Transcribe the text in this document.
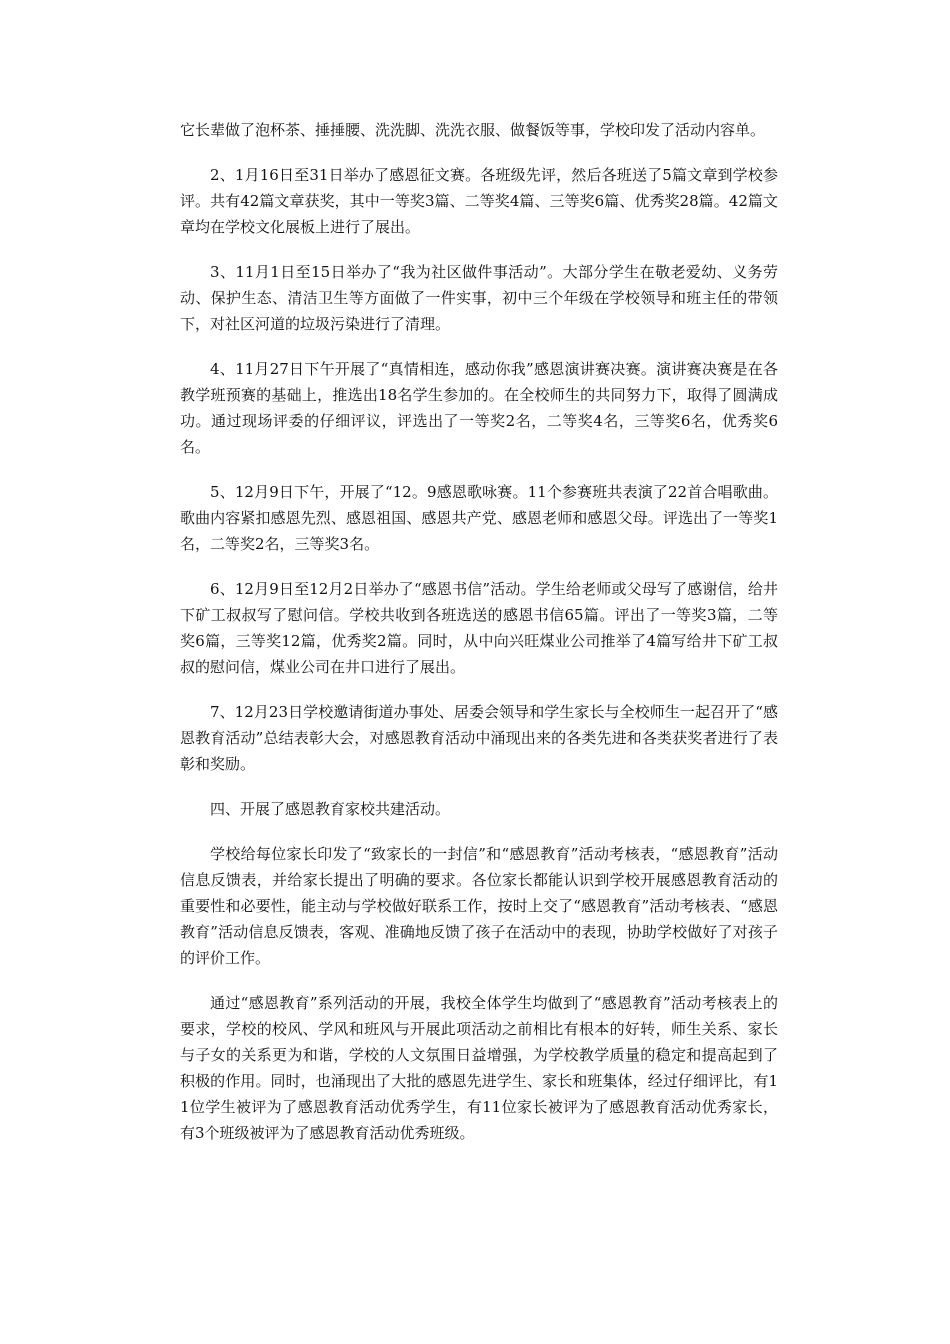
它长辈做了泡杯茶、捶捶腰、洗洗脚、洗洗衣服、做餐饭等事，学校印发了活动内容单。

2、1月16日至31日举办了感恩征文赛。各班级先评，然后各班送了5篇文章到学校参评。共有42篇文章获奖，其中一等奖3篇、二等奖4篇、三等奖6篇、优秀奖28篇。42篇文章均在学校文化展板上进行了展出。

3、11月1日至15日举办了“我为社区做件事活动”。大部分学生在敬老爱幼、义务劳动、保护生态、清洁卫生等方面做了一件实事，初中三个年级在学校领导和班主任的带领下，对社区河道的垃圾污染进行了清理。

4、11月27日下午开展了“真情相连，感动你我”感恩演讲赛决赛。演讲赛决赛是在各教学班预赛的基础上，推选出18名学生参加的。在全校师生的共同努力下，取得了圆满成功。通过现场评委的仔细评议，评选出了一等奖2名，二等奖4名，三等奖6名，优秀奖6名。

5、12月9日下午，开展了“12。9感恩歌咏赛。11个参赛班共表演了22首合唱歌曲。歌曲内容紧扣感恩先烈、感恩祖国、感恩共产党、感恩老师和感恩父母。评选出了一等奖1名，二等奖2名，三等奖3名。

6、12月9日至12月2日举办了“感恩书信”活动。学生给老师或父母写了感谢信，给井下矿工叔叔写了慰问信。学校共收到各班选送的感恩书信65篇。评出了一等奖3篇，二等奖6篇，三等奖12篇，优秀奖2篇。同时，从中向兴旺煤业公司推举了4篇写给井下矿工叔叔的慰问信，煤业公司在井口进行了展出。

7、12月23日学校邀请街道办事处、居委会领导和学生家长与全校师生一起召开了“感恩教育活动”总结表彰大会，对感恩教育活动中涌现出来的各类先进和各类获奖者进行了表彰和奖励。

四、开展了感恩教育家校共建活动。

学校给每位家长印发了“致家长的一封信”和“感恩教育”活动考核表，“感恩教育”活动信息反馈表，并给家长提出了明确的要求。各位家长都能认识到学校开展感恩教育活动的重要性和必要性，能主动与学校做好联系工作，按时上交了“感恩教育”活动考核表、“感恩教育”活动信息反馈表，客观、准确地反馈了孩子在活动中的表现，协助学校做好了对孩子的评价工作。

通过“感恩教育”系列活动的开展，我校全体学生均做到了“感恩教育”活动考核表上的要求，学校的校风、学风和班风与开展此项活动之前相比有根本的好转，师生关系、家长与子女的关系更为和谐，学校的人文氛围日益增强，为学校教学质量的稳定和提高起到了积极的作用。同时，也涌现出了大批的感恩先进学生、家长和班集体，经过仔细评比，有11位学生被评为了感恩教育活动优秀学生，有11位家长被评为了感恩教育活动优秀家长，有3个班级被评为了感恩教育活动优秀班级。
